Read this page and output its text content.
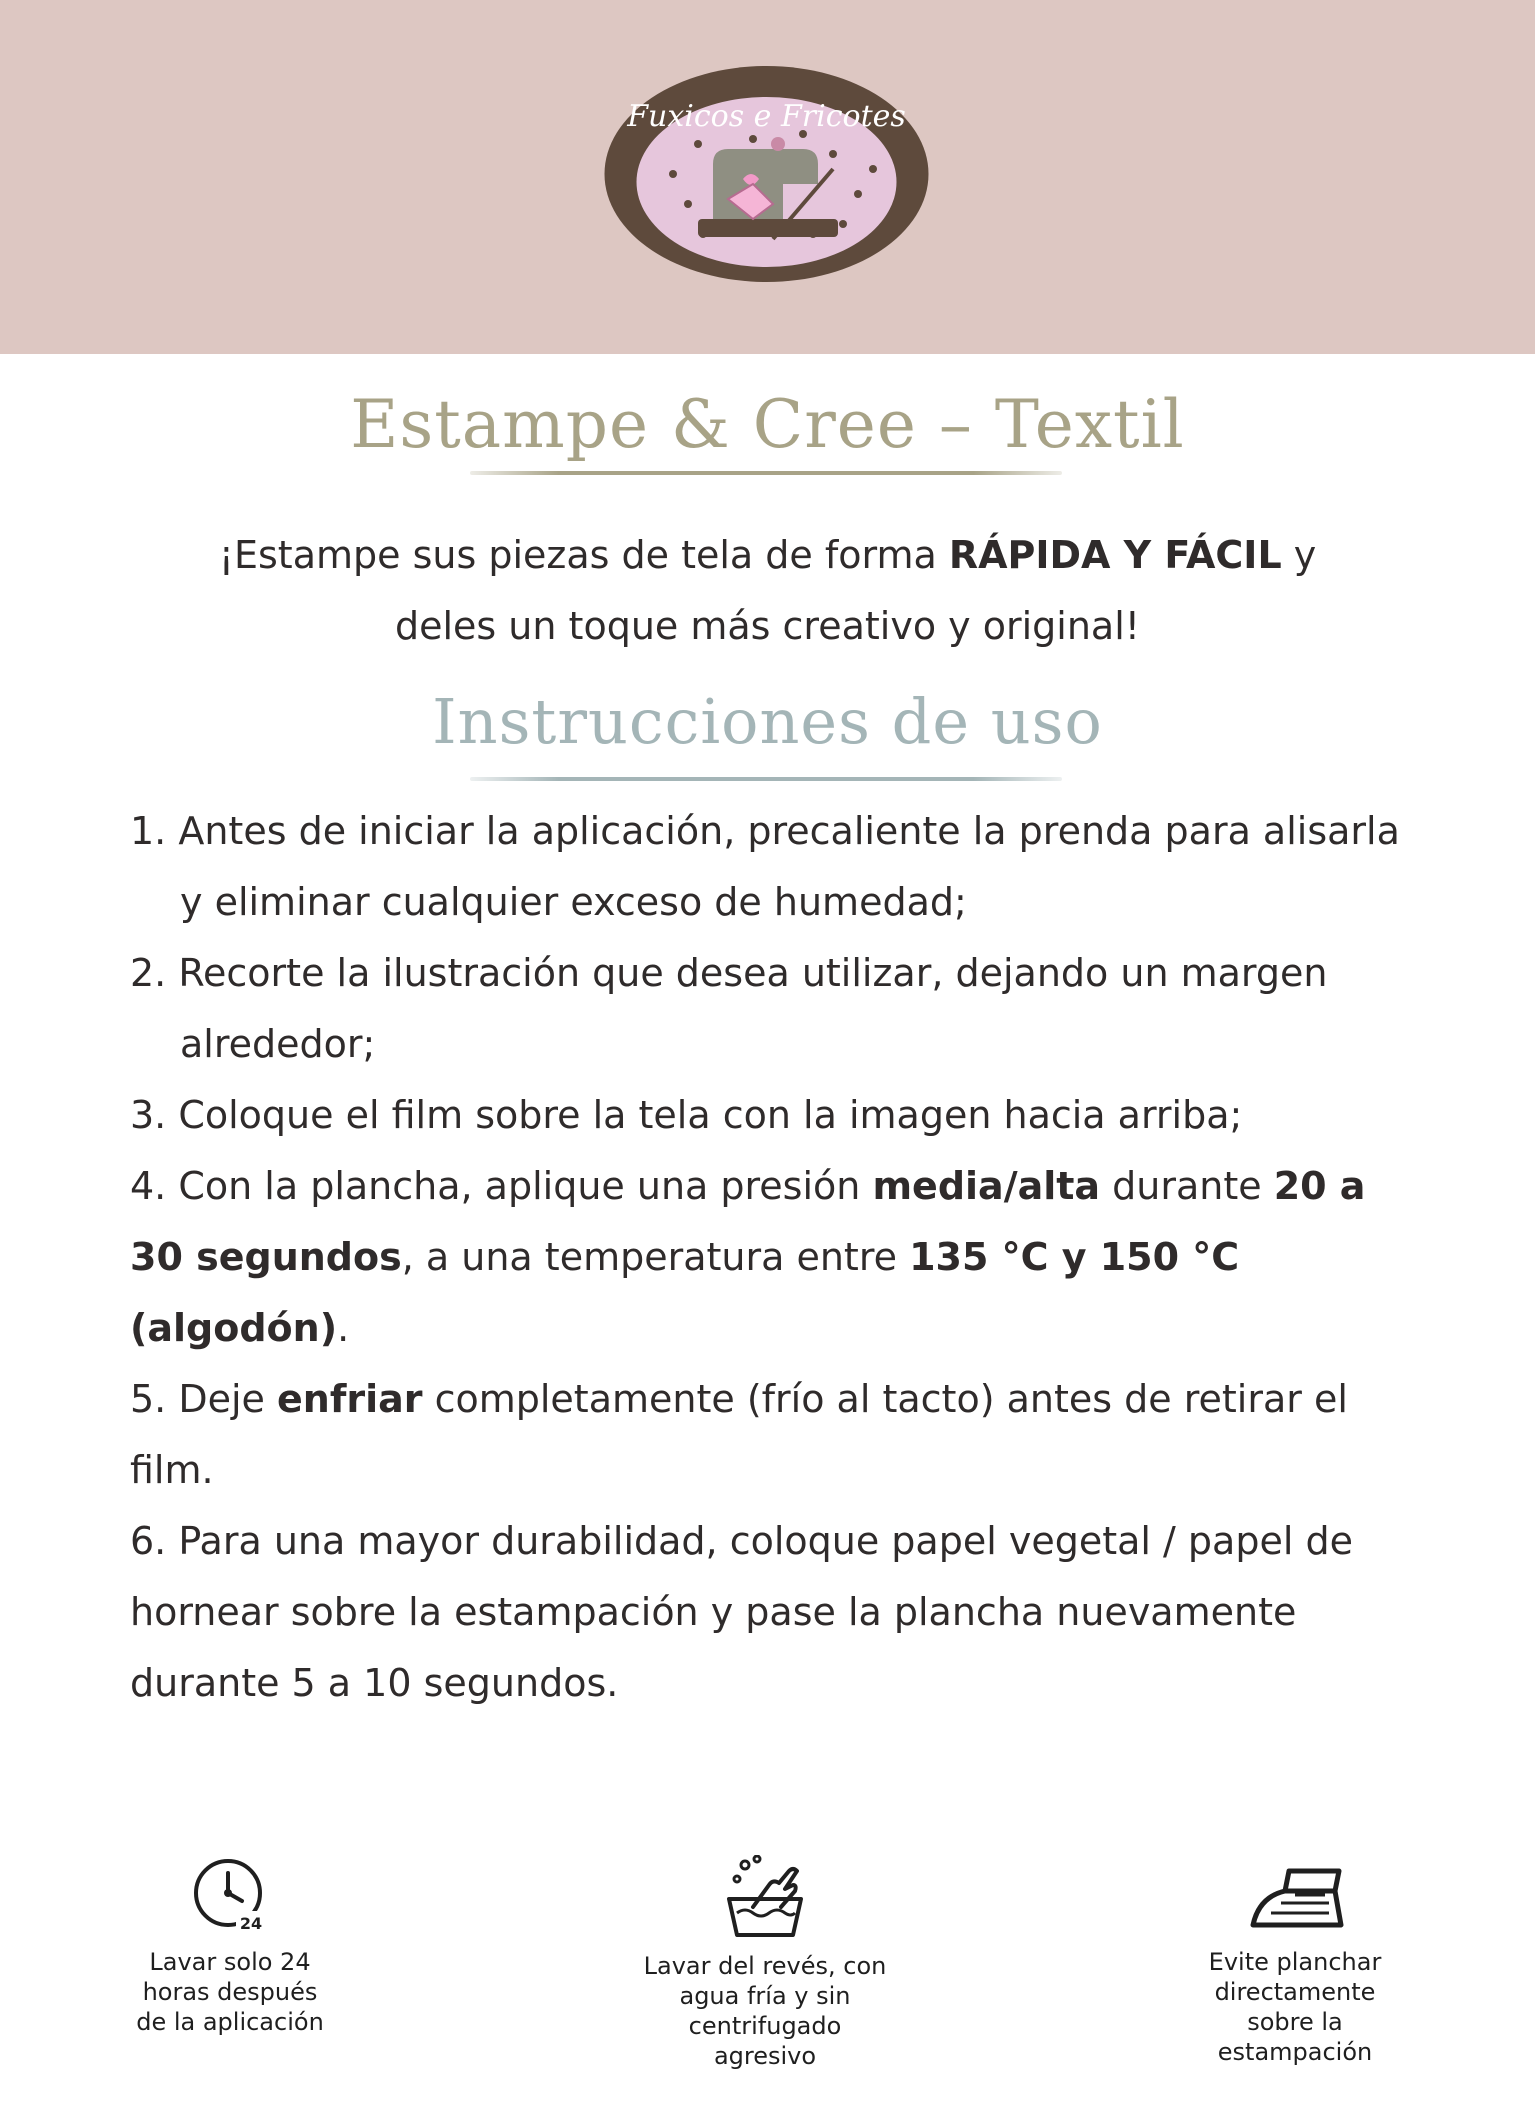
Fuxicos e Fricotes
Estampe & Cree – Textil
¡Estampe sus piezas de tela de forma RÁPIDA Y FÁCIL y
deles un toque más creativo y original!
Instrucciones de uso

1. Antes de iniciar la aplicación, precaliente la prenda para alisarla y eliminar cualquier exceso de humedad;

2. Recorte la ilustración que desea utilizar, dejando un margen alrededor;

3. Coloque el film sobre la tela con la imagen hacia arriba;

4. Con la plancha, aplique una presión media/alta durante 20 a 30 segundos, a una temperatura entre 135 °C y 150 °C (algodón).

5. Deje enfriar completamente (frío al tacto) antes de retirar el film.

6. Para una mayor durabilidad, coloque papel vegetal / papel de hornear sobre la estampación y pase la plancha nuevamente durante 5 a 10 segundos.

24
Lavar solo 24
horas después
de la aplicación
Lavar del revés, con
agua fría y sin
centrifugado
agresivo
Evite planchar
directamente
sobre la
estampación
